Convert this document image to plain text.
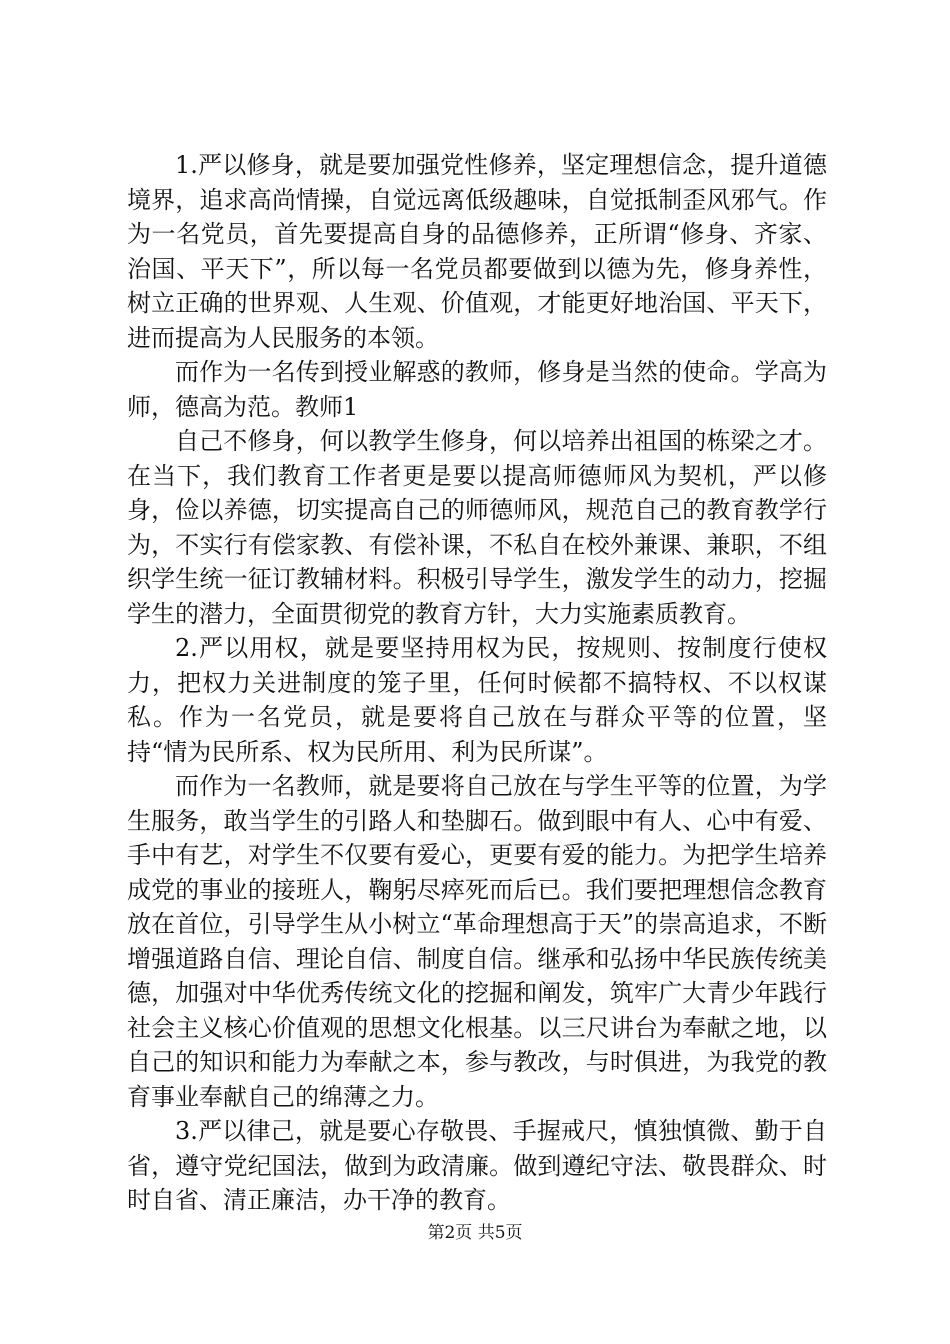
1.严以修身，就是要加强党性修养，坚定理想信念，提升道德境界，追求高尚情操，自觉远离低级趣味，自觉抵制歪风邪气。作为一名党员，首先要提高自身的品德修养，正所谓“修身、齐家、治国、平天下”，所以每一名党员都要做到以德为先，修身养性，树立正确的世界观、人生观、价值观，才能更好地治国、平天下，进而提高为人民服务的本领。

而作为一名传到授业解惑的教师，修身是当然的使命。学高为师，德高为范。教师1

自己不修身，何以教学生修身，何以培养出祖国的栋梁之才。在当下，我们教育工作者更是要以提高师德师风为契机，严以修身，俭以养德，切实提高自己的师德师风，规范自己的教育教学行为，不实行有偿家教、有偿补课，不私自在校外兼课、兼职，不组织学生统一征订教辅材料。积极引导学生，激发学生的动力，挖掘学生的潜力，全面贯彻党的教育方针，大力实施素质教育。

2.严以用权，就是要坚持用权为民，按规则、按制度行使权力，把权力关进制度的笼子里，任何时候都不搞特权、不以权谋私。作为一名党员，就是要将自己放在与群众平等的位置，坚持“情为民所系、权为民所用、利为民所谋”。

而作为一名教师，就是要将自己放在与学生平等的位置，为学生服务，敢当学生的引路人和垫脚石。做到眼中有人、心中有爱、手中有艺，对学生不仅要有爱心，更要有爱的能力。为把学生培养成党的事业的接班人，鞠躬尽瘁死而后已。我们要把理想信念教育放在首位，引导学生从小树立“革命理想高于天”的崇高追求，不断增强道路自信、理论自信、制度自信。继承和弘扬中华民族传统美德，加强对中华优秀传统文化的挖掘和阐发，筑牢广大青少年践行社会主义核心价值观的思想文化根基。以三尺讲台为奉献之地，以自己的知识和能力为奉献之本，参与教改，与时俱进，为我党的教育事业奉献自己的绵薄之力。

3.严以律己，就是要心存敬畏、手握戒尺，慎独慎微、勤于自省，遵守党纪国法，做到为政清廉。做到遵纪守法、敬畏群众、时时自省、清正廉洁，办干净的教育。

第2页 共5页
